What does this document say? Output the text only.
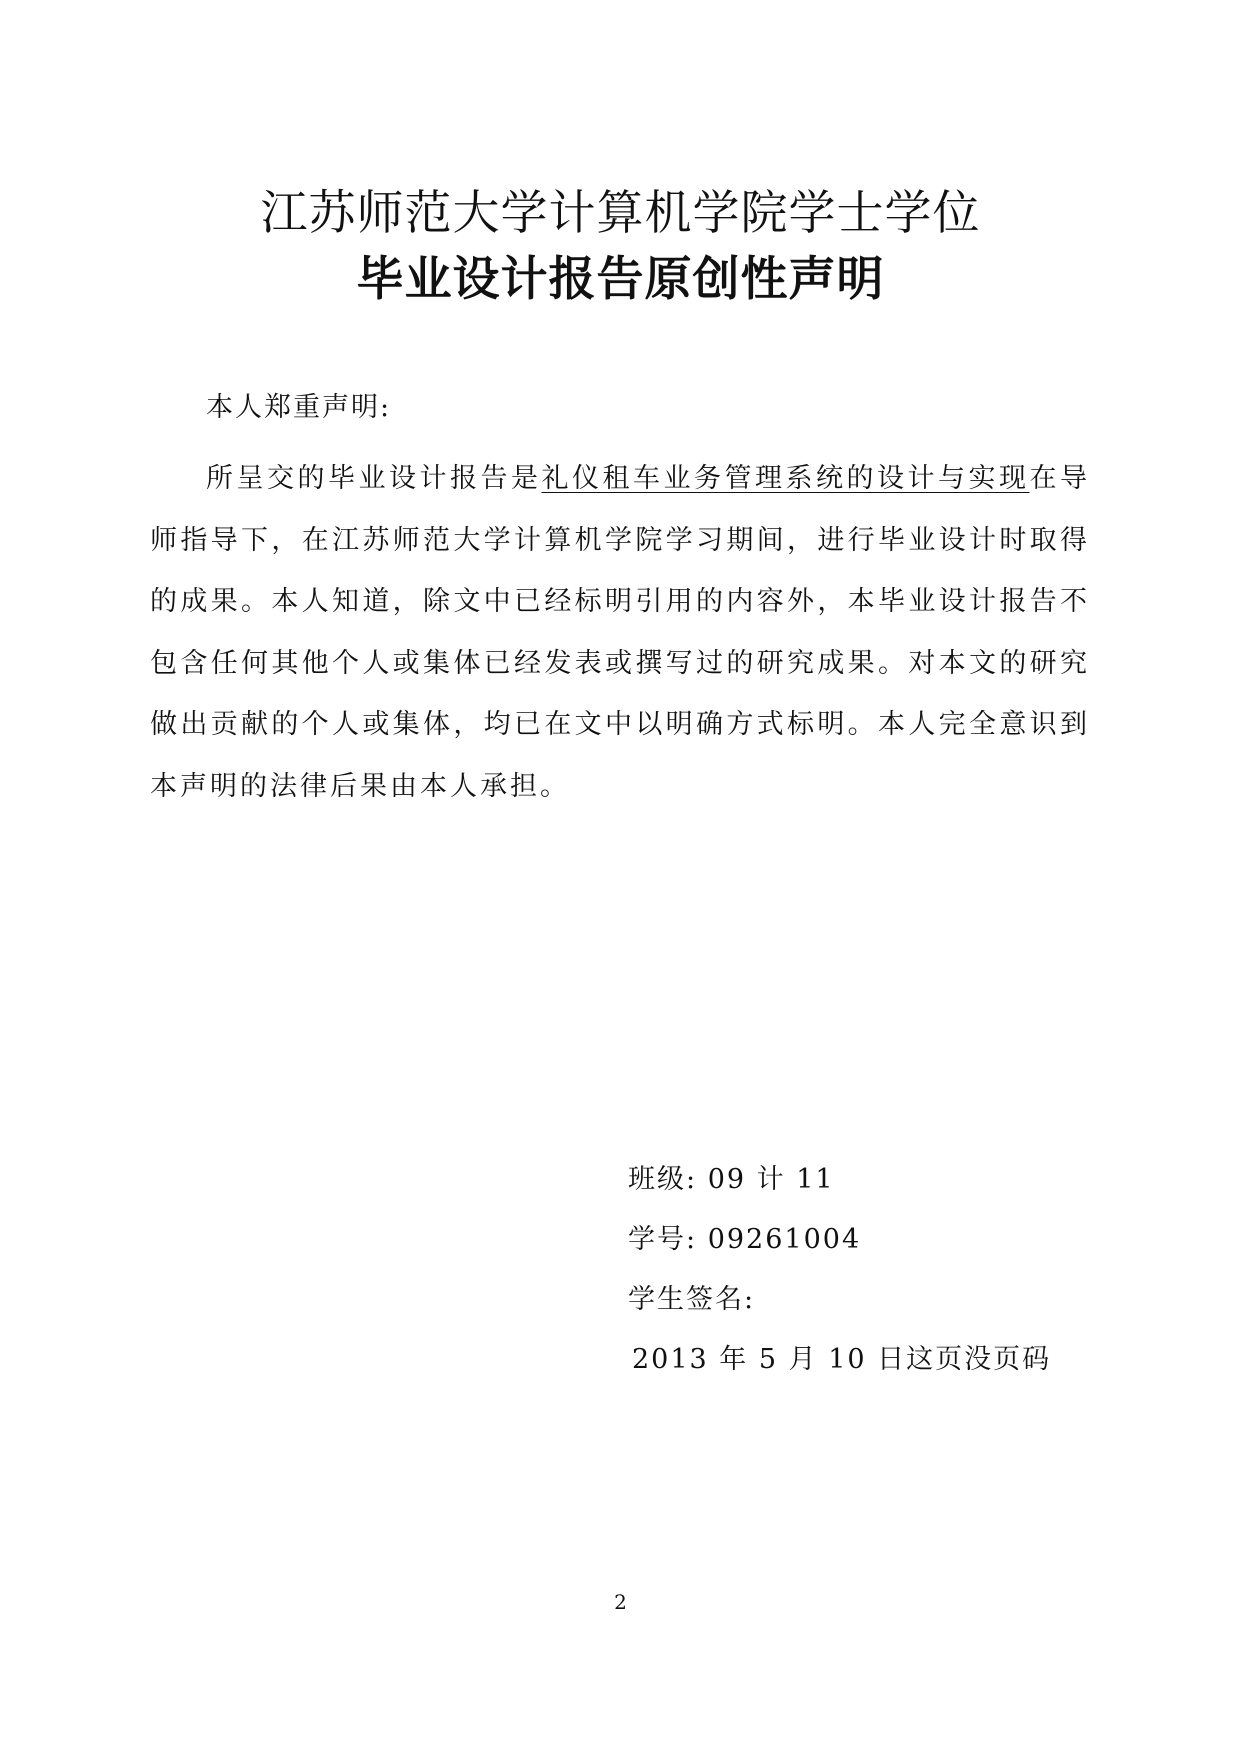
江苏师范大学计算机学院学士学位
毕业设计报告原创性声明
本人郑重声明:

所呈交的毕业设计报告是礼仪租车业务管理系统的设计与实现在导师指导下，在江苏师范大学计算机学院学习期间，进行毕业设计时取得的成果。本人知道，除文中已经标明引用的内容外，本毕业设计报告不包含任何其他个人或集体已经发表或撰写过的研究成果。对本文的研究做出贡献的个人或集体，均已在文中以明确方式标明。本人完全意识到本声明的法律后果由本人承担。

班级: 09 计 11
学号: 09261004
学生签名:
2013 年 5 月 10 日这页没页码
2
